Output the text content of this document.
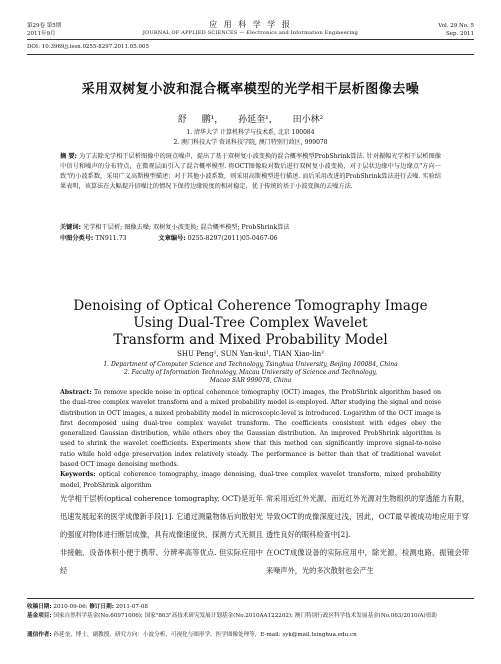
第29卷 第5期
2011年9月
应 用 科 学 学 报
JOURNAL OF APPLIED SCIENCES — Electronics and Information Engineering
Vol. 29 No. 5
Sep. 2011
DOI: 10.3969/j.issn.0255-8297.2011.05.005
采用双树复小波和混合概率模型的光学相干层析图像去噪
舒 鹏¹， 孙延奎¹， 田小林²
1. 清华大学 计算机科学与技术系, 北京 100084
2. 澳门科技大学 资讯科技学院, 澳门特别行政区, 999078
摘 要: 为了去除光学相干层析图像中的斑点噪声，提出了基于双树复小波变换的混合概率模型ProbShrink算法. 针对振幅光学相干层析图像中信号和噪声的分布特点，在微观层面引入了混合概率模型. 将OCT图像取对数后进行双树复小波变换，对于层状边缘中与边缘点"方向一致"的小波系数，采用广义高斯模型描述；对于其他小波系数，则采用高斯模型进行描述. 而后采用改进的ProbShrink算法进行去噪. 实验结果表明，该算法在大幅提升信噪比的情况下保持边缘锐度的相对稳定，优于传统的基于小波变换的去噪方法.
关键词: 光学相干层析; 图像去噪; 双树复小波变换; 混合概率模型; ProbShrink算法
中图分类号: TN911.73	文章编号: 0255-8297(2011)05-0467-06
Denoising of Optical Coherence Tomography Image
Using Dual-Tree Complex Wavelet
Transform and Mixed Probability Model
SHU Peng¹, SUN Yan-kui¹, TIAN Xiao-lin²
1. Department of Computer Science and Technology, Tsinghua University, Beijing 100084, China
2. Faculty of Information Technology, Macau University of Science and Technology,
Macao SAR 999078, China
Abstract: To remove speckle noise in optical coherence tomography (OCT) images, the ProbShrink algorithm based on the dual-tree complex wavelet transform and a mixed probability model is employed. After studying the signal and noise distribution in OCT images, a mixed probability model in microscopic-level is introduced. Logarithm of the OCT image is first decomposed using dual-tree complex wavelet transform. The coefficients consistent with edges obey the generalized Gaussian distribution, while others obey the Gaussian distribution. An improved ProbShrink algorithm is used to shrink the wavelet coefficients. Experiments show that this method can significantly improve signal-to-noise ratio while hold edge preservation index relatively steady. The performance is better than that of traditional wavelet based OCT image denoising methods.
Keywords: optical coherence tomography, image denoising, dual-tree complex wavelet transform, mixed probability model, ProbShrink algorithm
光学相干层析(optical coherence tomography, OCT)是近年迅速发展起来的医学成像新手段[1]. 它通过测量物体后向散射光的强度对物体进行断层成像，具有成像速度快、探测方式无损且非接触、设备体积小便于携带、分辨率高等优点. 但实际应用中经
常采用近红外光源，而近红外光源对生物组织的穿透能力有限，导致OCT的成像深度过浅，因此，OCT最早被成功地应用于穿透性良好的眼科检查中[2].
在OCT成像设备的实际应用中，除光源、检测电路、振镜会带来噪声外，光的多次散射也会产生
收稿日期: 2010-09-06; 修订日期: 2011-07-08
基金项目: 国家自然科学基金(No.60971006); 国家"863"高技术研究发展计划基金(No.2010AA122202); 澳门特别行政区科学技术发展基金(No.063/2010/A)资助
通信作者: 孙延奎，博士，副教授，研究方向：小波分析、可视化与图形学、医学图像处理等，E-mail: syk@mail.tsinghua.edu.cn
